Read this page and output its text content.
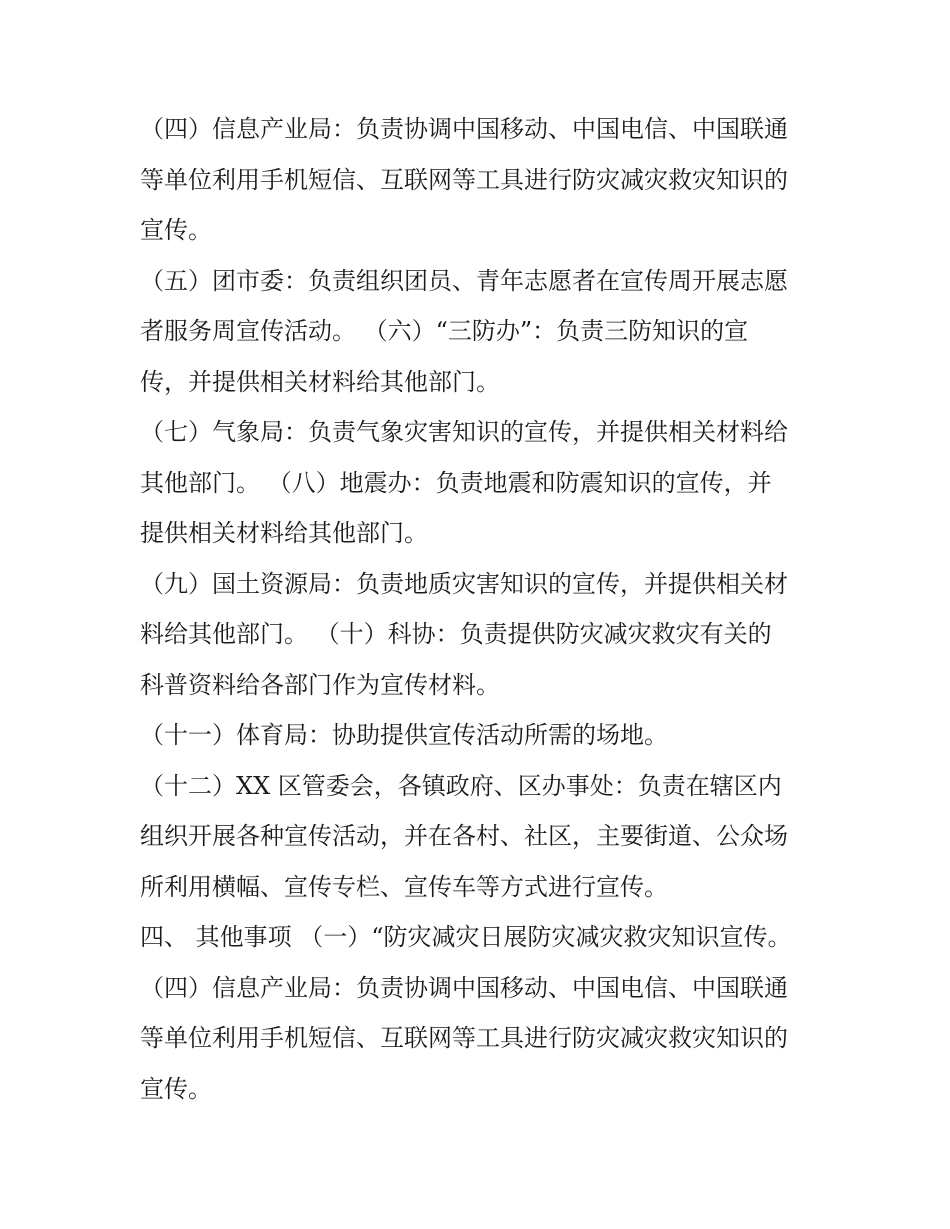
（四）信息产业局：负责协调中国移动、中国电信、中国联通
等单位利用手机短信、互联网等工具进行防灾减灾救灾知识的
宣传。
（五）团市委：负责组织团员、青年志愿者在宣传周开展志愿
者服务周宣传活动。 （六）“三防办”：负责三防知识的宣
传，并提供相关材料给其他部门。
（七）气象局：负责气象灾害知识的宣传，并提供相关材料给
其他部门。 （八）地震办：负责地震和防震知识的宣传，并
提供相关材料给其他部门。
（九）国土资源局：负责地质灾害知识的宣传，并提供相关材
料给其他部门。 （十）科协：负责提供防灾减灾救灾有关的
科普资料给各部门作为宣传材料。
（十一）体育局：协助提供宣传活动所需的场地。
（十二）XX 区管委会，各镇政府、区办事处：负责在辖区内
组织开展各种宣传活动，并在各村、社区，主要街道、公众场
所利用横幅、宣传专栏、宣传车等方式进行宣传。
四、 其他事项 （一）“防灾减灾日展防灾减灾救灾知识宣传。
（四）信息产业局：负责协调中国移动、中国电信、中国联通
等单位利用手机短信、互联网等工具进行防灾减灾救灾知识的
宣传。
